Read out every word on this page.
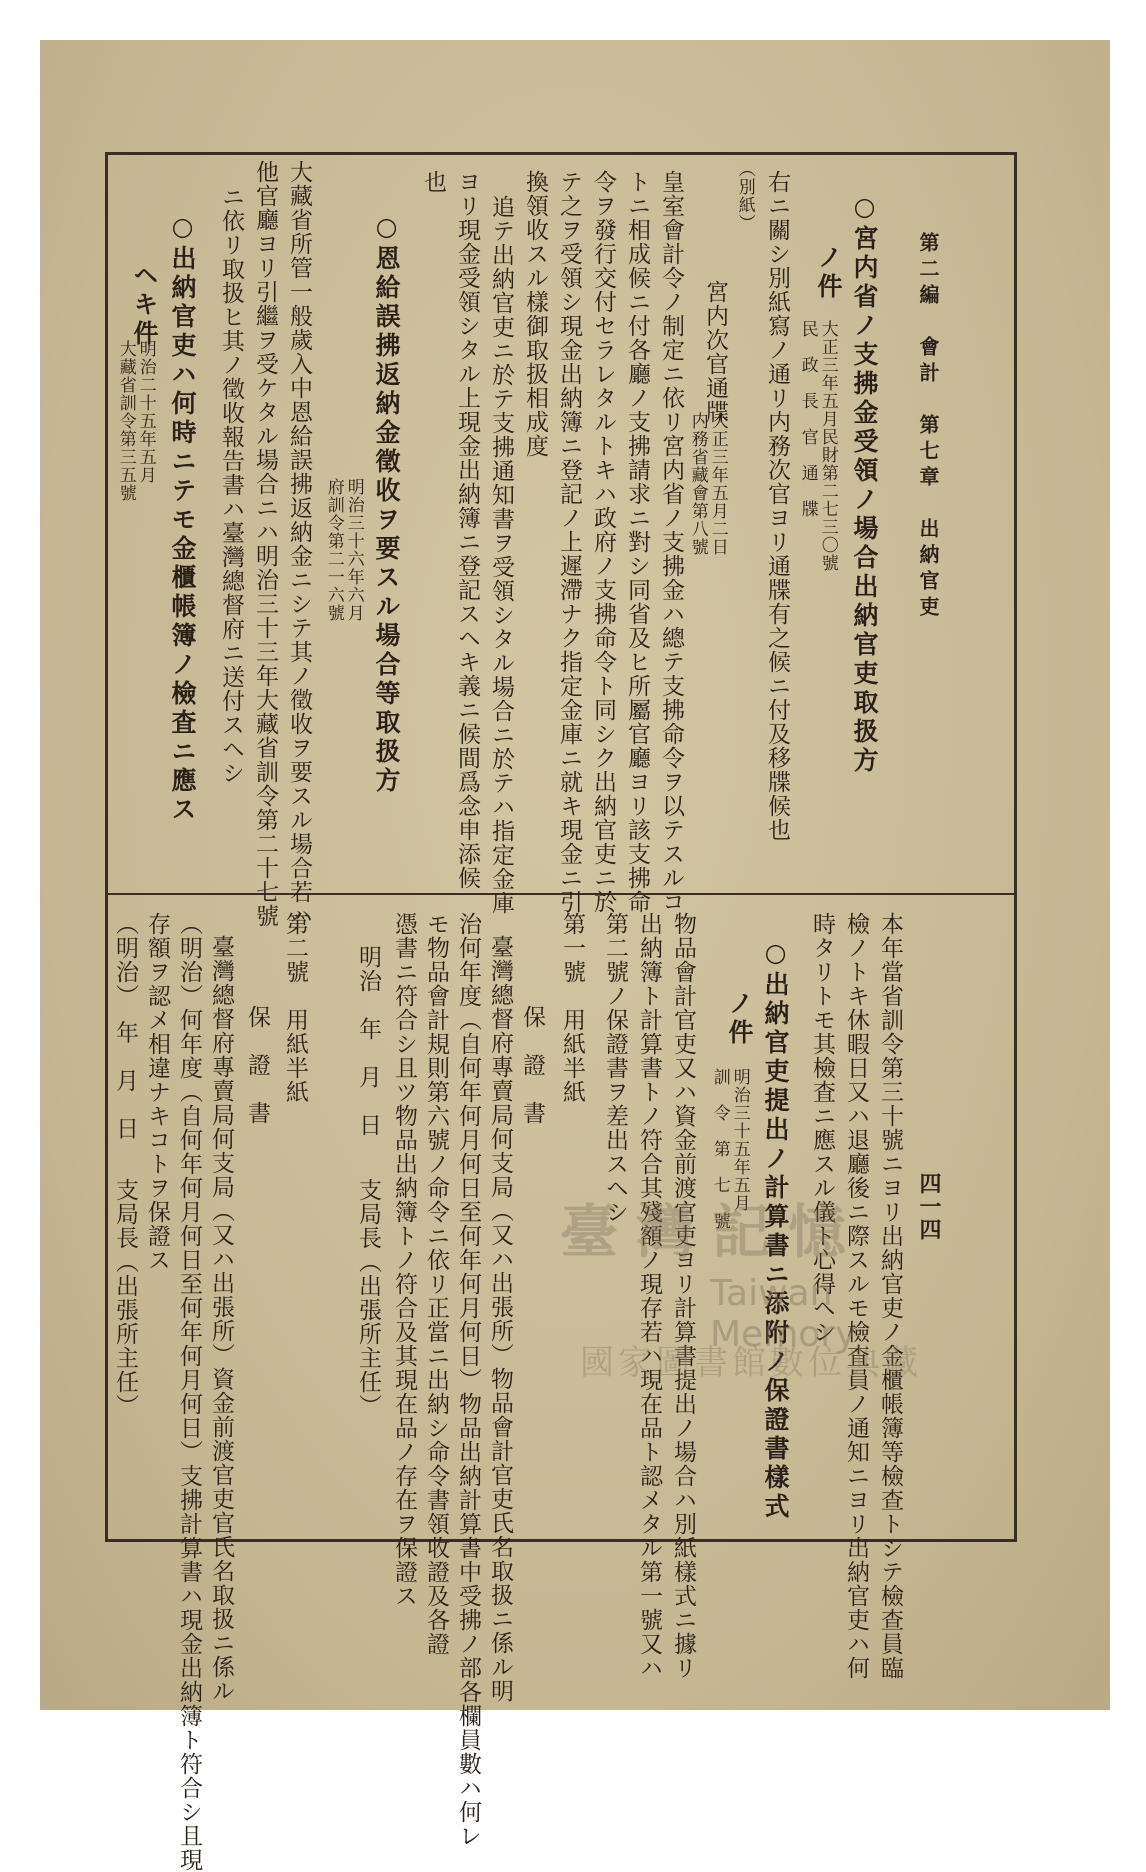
第二編　會計　第七章　出納官吏
四一四
○宮内省ノ支拂金受領ノ場合出納官吏取扱方
ノ件
大正三年五月民財第二七三〇號
民　政　長　官　通　牒
右ニ關シ別紙寫ノ通リ内務次官ヨリ通牒有之候ニ付及移牒候也
（別紙）
宮内次官通牒
大正三年五月二日
内務省藏會第八號
皇室會計令ノ制定ニ依リ宮内省ノ支拂金ハ總テ支拂命令ヲ以テスルコ
トニ相成候ニ付各廳ノ支拂請求ニ對シ同省及ヒ所屬官廳ヨリ該支拂命
令ヲ發行交付セラレタルトキハ政府ノ支拂命令ト同シク出納官吏ニ於
テ之ヲ受領シ現金出納簿ニ登記ノ上遲滯ナク指定金庫ニ就キ現金ニ引
換領收スル樣御取扱相成度
追テ出納官吏ニ於テ支拂通知書ヲ受領シタル場合ニ於テハ指定金庫
ヨリ現金受領シタル上現金出納簿ニ登記スヘキ義ニ候間爲念申添候
也
○恩給誤拂返納金徵收ヲ要スル場合等取扱方
明治三十六年六月
府訓令第二一六號
大藏省所管一般歲入中恩給誤拂返納金ニシテ其ノ徵收ヲ要スル場合若ハ
他官廳ヨリ引繼ヲ受ケタル場合ニハ明治三十三年大藏省訓令第二十七號
ニ依リ取扱ヒ其ノ徵收報告書ハ臺灣總督府ニ送付スヘシ
○出納官吏ハ何時ニテモ金櫃帳簿ノ檢査ニ應ス
ヘキ件
明治二十五年五月
大藏省訓令第三五號
本年當省訓令第三十號ニヨリ出納官吏ノ金櫃帳簿等檢查トシテ檢查員臨
檢ノトキ休暇日又ハ退廳後ニ際スルモ檢査員ノ通知ニヨリ出納官吏ハ何
時タリトモ其檢査ニ應スル儀ト心得ヘシ
○出納官吏提出ノ計算書ニ添附ノ保證書樣式
ノ件
明治三十五年五月
訓　令　第　七　號
物品會計官吏又ハ資金前渡官吏ヨリ計算書提出ノ場合ハ別紙樣式ニ據リ
出納簿ト計算書トノ符合其殘額ノ現存若ハ現在品ト認メタル第一號又ハ
第二號ノ保證書ヲ差出スヘシ
第一號　用紙半紙
保　證　書
臺灣總督府專賣局何支局（又ハ出張所）物品會計官吏氏名取扱ニ係ル明
治何年度（自何年何月何日至何年何月何日）物品出納計算書中受拂ノ部各欄員數ハ何レ
モ物品會計規則第六號ノ命令ニ依リ正當ニ出納シ命令書領收證及各證
憑書ニ符合シ且ツ物品出納簿トノ符合及其現在品ノ存在ヲ保證ス
明治　年　月　日
支局長（出張所主任）
第二號　用紙半紙
保　證　書
臺灣總督府專賣局何支局（又ハ出張所）資金前渡官吏官氏名取扱ニ係ル
（明治）何年度（自何年何月何日至何年何月何日）支拂計算書ハ現金出納簿ト符合シ且現
存額ヲ認メ相違ナキコトヲ保證ス
（明治）　年　月　日
支局長（出張所主任）	臺灣記憶
Taiwan Memory
國家圖書館數位典藏
